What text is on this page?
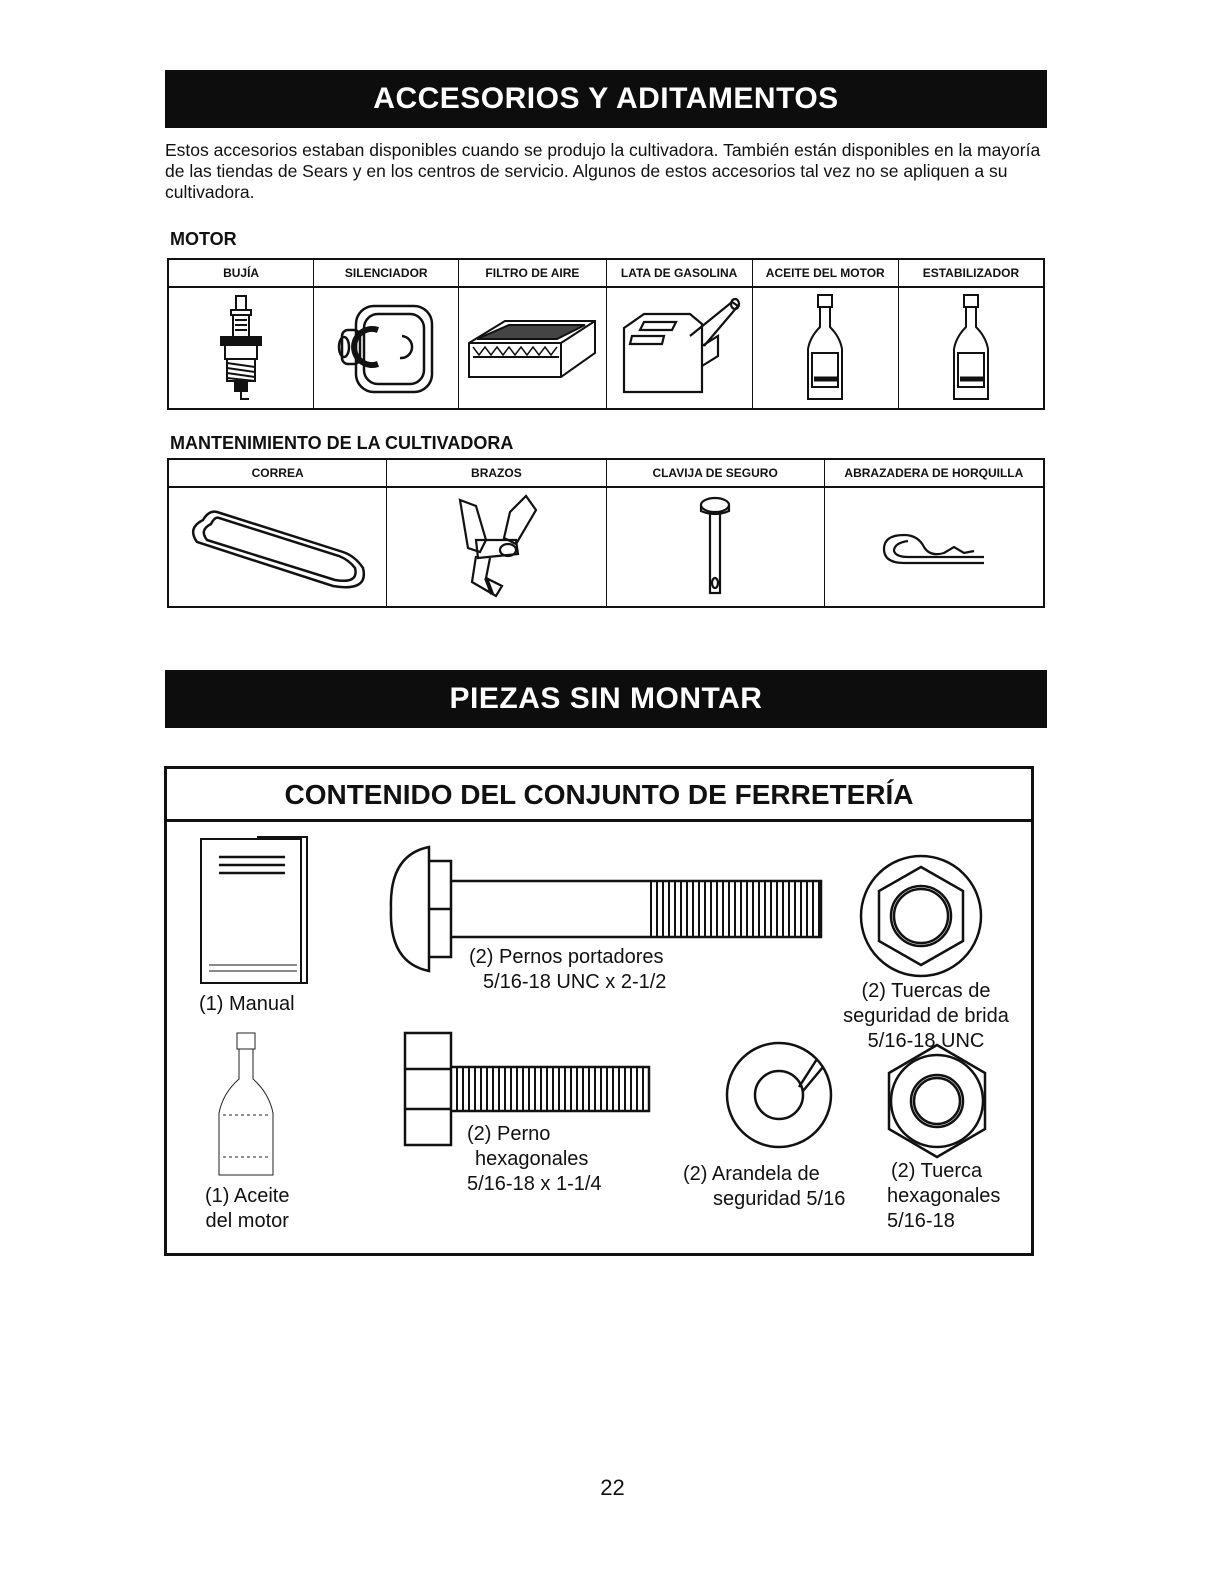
ACCESORIOS Y ADITAMENTOS

Estos accesorios estaban disponibles cuando se produjo la cultivadora. También están disponibles en la mayoría de las tiendas de Sears y en los centros de servicio. Algunos de estos accesorios tal vez no se apliquen a su cultivadora.

MOTOR

BUJÍA	SILENCIADOR	FILTRO DE AIRE	LATA DE GASOLINA	ACEITE DEL MOTOR	ESTABILIZADOR

MANTENIMIENTO DE LA CULTIVADORA

CORREA	BRAZOS	CLAVIJA DE SEGURO	ABRAZADERA DE HORQUILLA
PIEZAS SIN MONTAR
CONTENIDO DEL CONJUNTO DE FERRETERÍA
(1) Manual
(1) Aceite
del motor
(2) Pernos portadores
5/16-18 UNC x 2-1/2	(2) Tuercas de
seguridad de brida
5/16-18 UNC
(2) Perno
hexagonales
5/16-18 x 1-1/4	(2) Arandela de
seguridad 5/16
(2) Tuerca
hexagonales
5/16-18
22
